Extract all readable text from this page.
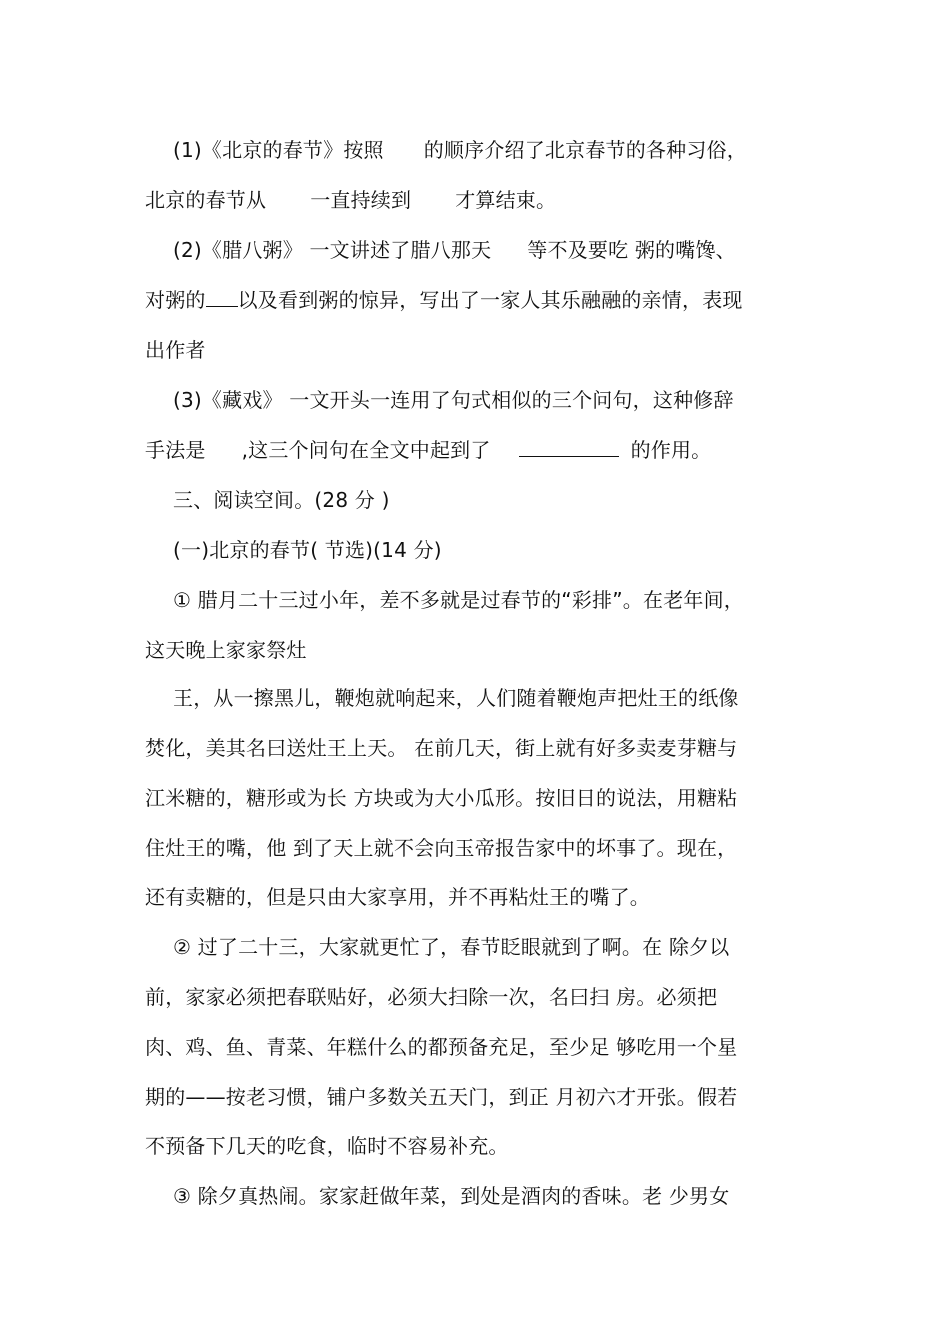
(1)《北京的春节》按照 的顺序介绍了北京春节的各种习俗，
北京的春节从 一直持续到 才算结束。
(2)《腊八粥》 一文讲述了腊八那天 等不及要吃 粥的嘴馋、
对粥的 以及看到粥的惊异，写出了一家人其乐融融的亲情，表现
出作者
(3)《藏戏》 一文开头一连用了句式相似的三个问句，这种修辞
手法是 ,这三个问句在全文中起到了	的作用。
三、阅读空间。(28 分 )
(一)北京的春节( 节选)(14 分)
① 腊月二十三过小年，差不多就是过春节的“彩排”。在老年间，
这天晚上家家祭灶
王，从一擦黑儿，鞭炮就响起来，人们随着鞭炮声把灶王的纸像
焚化，美其名曰送灶王上天。 在前几天，街上就有好多卖麦芽糖与
江米糖的，糖形或为长 方块或为大小瓜形。按旧日的说法，用糖粘
住灶王的嘴，他 到了天上就不会向玉帝报告家中的坏事了。现在，
还有卖糖的，但是只由大家享用，并不再粘灶王的嘴了。
② 过了二十三，大家就更忙了，春节眨眼就到了啊。在 除夕以
前，家家必须把春联贴好，必须大扫除一次，名曰扫 房。必须把
肉、鸡、鱼、青菜、年糕什么的都预备充足，至少足 够吃用一个星
期的——按老习惯，铺户多数关五天门，到正 月初六才开张。假若
不预备下几天的吃食，临时不容易补充。
③ 除夕真热闹。家家赶做年菜，到处是酒肉的香味。老 少男女
